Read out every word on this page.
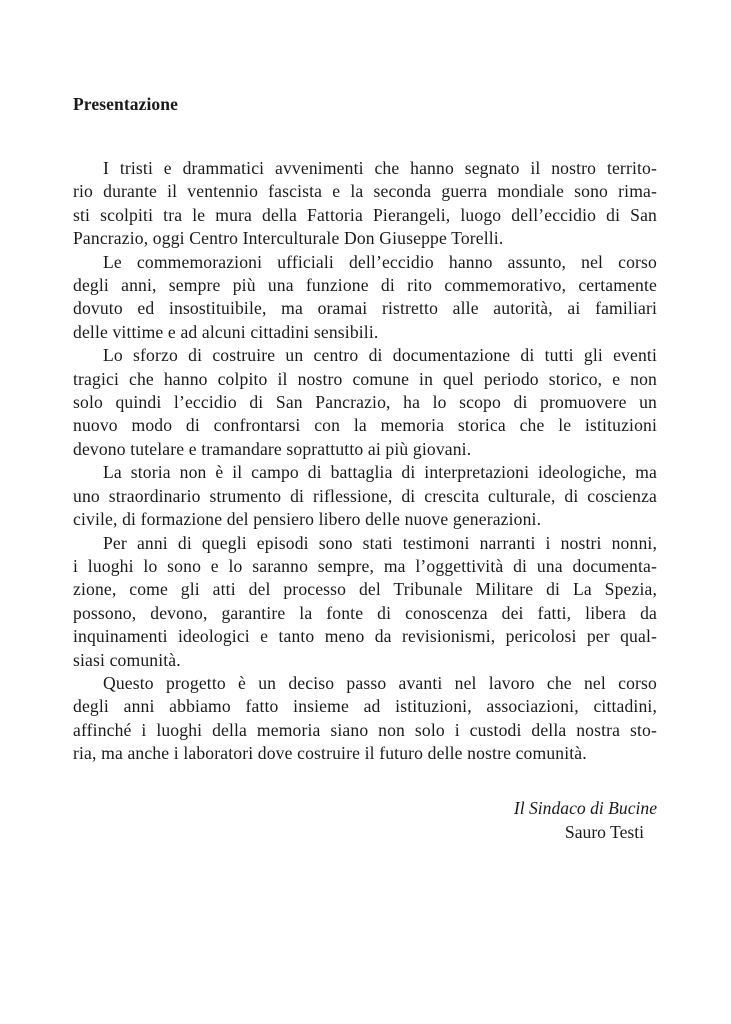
Presentazione

I tristi e drammatici avvenimenti che hanno segnato il nostro territo-
rio durante il ventennio fascista e la seconda guerra mondiale sono rima-
sti scolpiti tra le mura della Fattoria Pierangeli, luogo dell’eccidio di San
Pancrazio, oggi Centro Interculturale Don Giuseppe Torelli.

Le commemorazioni ufficiali dell’eccidio hanno assunto, nel corso
degli anni, sempre più una funzione di rito commemorativo, certamente
dovuto ed insostituibile, ma oramai ristretto alle autorità, ai familiari
delle vittime e ad alcuni cittadini sensibili.

Lo sforzo di costruire un centro di documentazione di tutti gli eventi
tragici che hanno colpito il nostro comune in quel periodo storico, e non
solo quindi l’eccidio di San Pancrazio, ha lo scopo di promuovere un
nuovo modo di confrontarsi con la memoria storica che le istituzioni
devono tutelare e tramandare soprattutto ai più giovani.

La storia non è il campo di battaglia di interpretazioni ideologiche, ma
uno straordinario strumento di riflessione, di crescita culturale, di coscienza
civile, di formazione del pensiero libero delle nuove generazioni.

Per anni di quegli episodi sono stati testimoni narranti i nostri nonni,
i luoghi lo sono e lo saranno sempre, ma l’oggettività di una documenta-
zione, come gli atti del processo del Tribunale Militare di La Spezia,
possono, devono, garantire la fonte di conoscenza dei fatti, libera da
inquinamenti ideologici e tanto meno da revisionismi, pericolosi per qual-
siasi comunità.

Questo progetto è un deciso passo avanti nel lavoro che nel corso
degli anni abbiamo fatto insieme ad istituzioni, associazioni, cittadini,
affinché i luoghi della memoria siano non solo i custodi della nostra sto-
ria, ma anche i laboratori dove costruire il futuro delle nostre comunità.

Il Sindaco di Bucine
Sauro Testi
